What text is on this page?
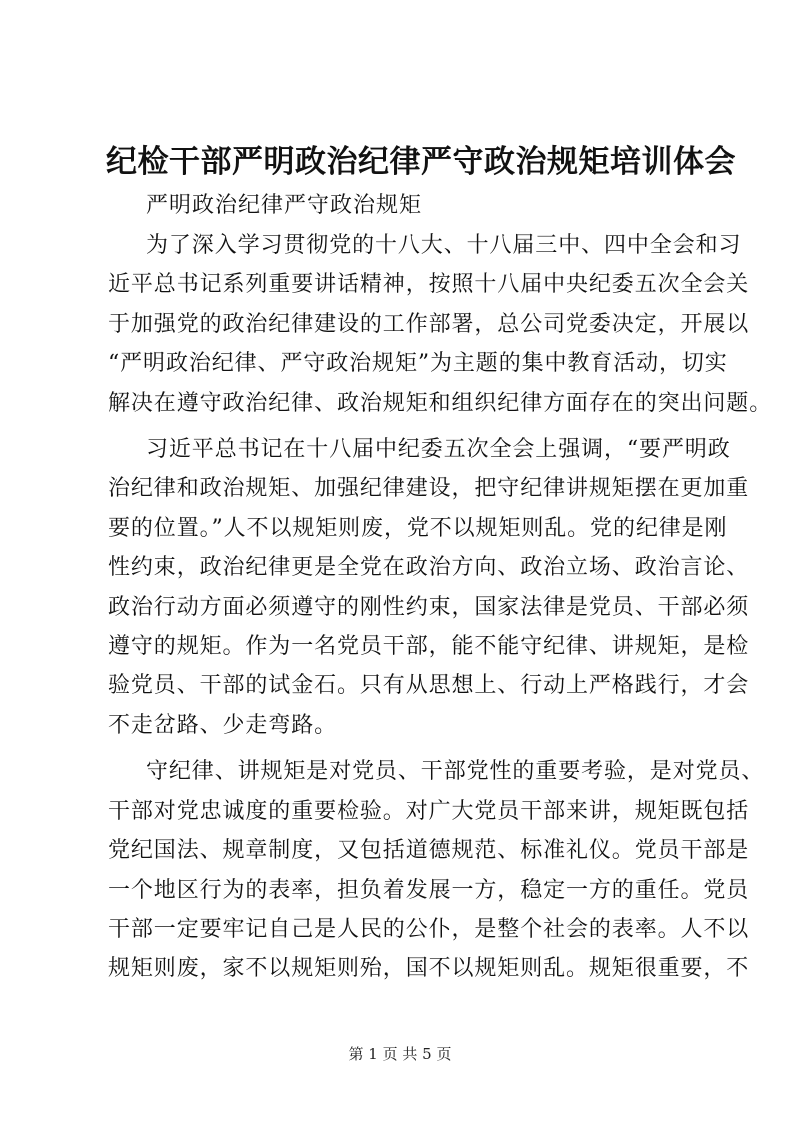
纪检干部严明政治纪律严守政治规矩培训体会

严明政治纪律严守政治规矩

为了深入学习贯彻党的十八大、十八届三中、四中全会和习
近平总书记系列重要讲话精神，按照十八届中央纪委五次全会关
于加强党的政治纪律建设的工作部署，总公司党委决定，开展以
“严明政治纪律、严守政治规矩”为主题的集中教育活动，切实
解决在遵守政治纪律、政治规矩和组织纪律方面存在的突出问题。
习近平总书记在十八届中纪委五次全会上强调，“要严明政
治纪律和政治规矩、加强纪律建设，把守纪律讲规矩摆在更加重
要的位置。”人不以规矩则废，党不以规矩则乱。党的纪律是刚
性约束，政治纪律更是全党在政治方向、政治立场、政治言论、
政治行动方面必须遵守的刚性约束，国家法律是党员、干部必须
遵守的规矩。作为一名党员干部，能不能守纪律、讲规矩，是检
验党员、干部的试金石。只有从思想上、行动上严格践行，才会
不走岔路、少走弯路。
守纪律、讲规矩是对党员、干部党性的重要考验，是对党员、
干部对党忠诚度的重要检验。对广大党员干部来讲，规矩既包括
党纪国法、规章制度，又包括道德规范、标准礼仪。党员干部是
一个地区行为的表率，担负着发展一方，稳定一方的重任。党员
干部一定要牢记自己是人民的公仆，是整个社会的表率。人不以
规矩则废，家不以规矩则殆，国不以规矩则乱。规矩很重要，不
第 1 页 共 5 页
